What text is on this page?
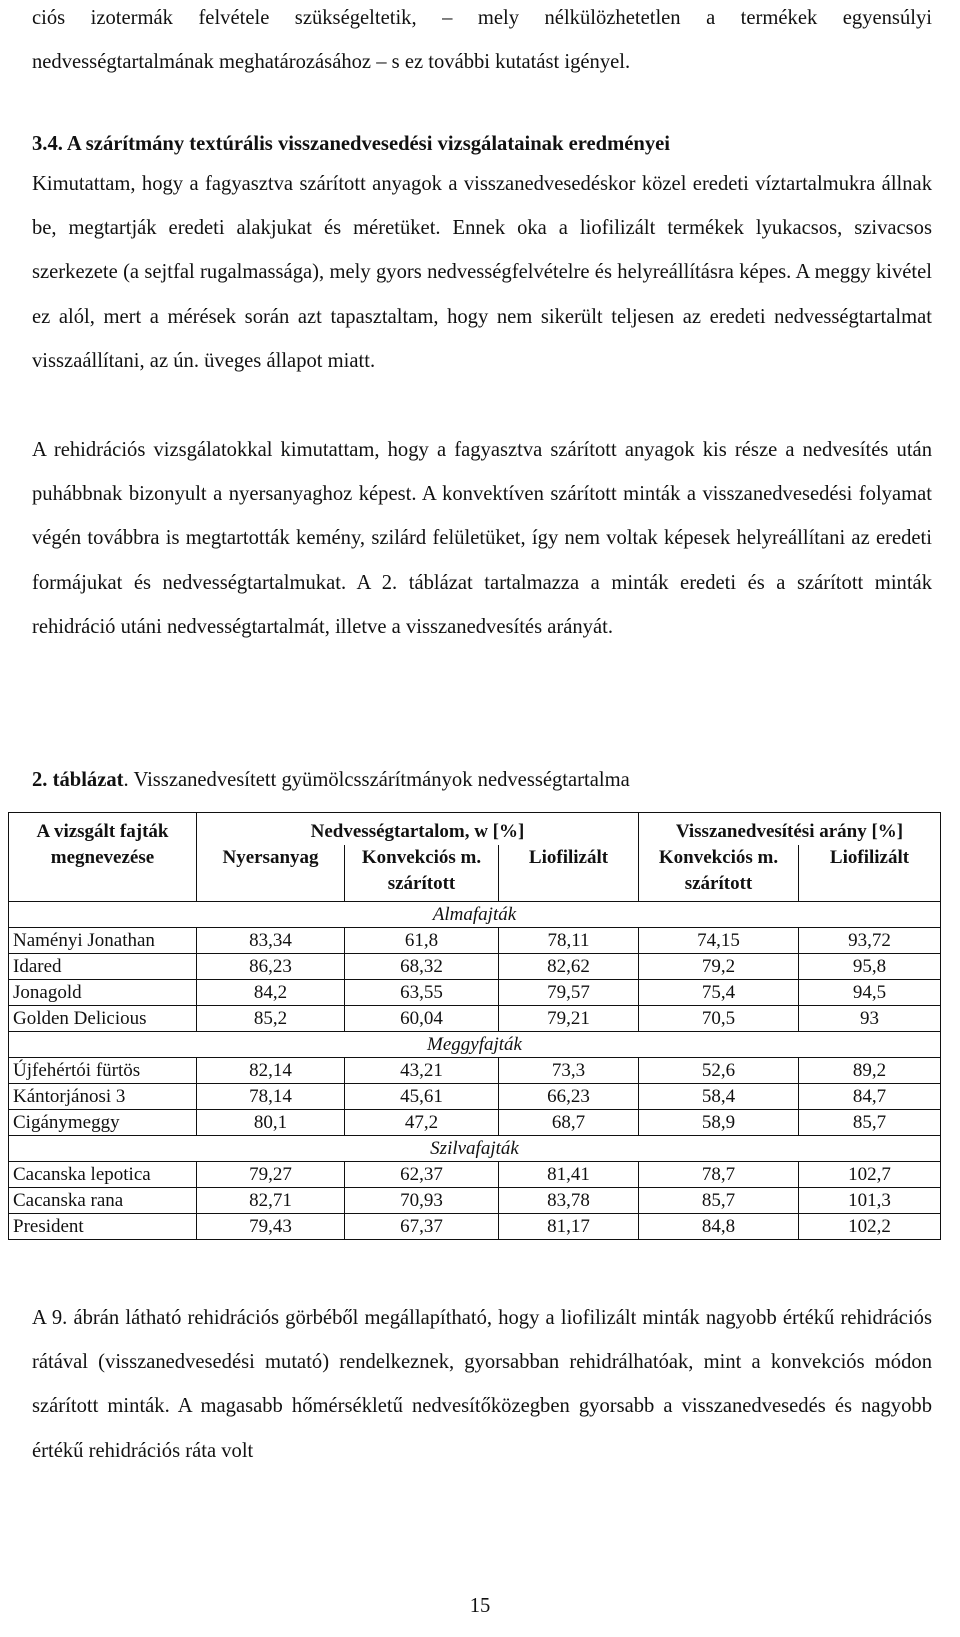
ciós izotermák felvétele szükségeltetik, – mely nélkülözhetetlen a termékek egyensúlyi nedvességtartalmának meghatározásához – s ez további kutatást igényel.

3.4. A szárítmány textúrális visszanedvesedési vizsgálatainak eredményei

Kimutattam, hogy a fagyasztva szárított anyagok a visszanedvesedéskor közel eredeti víztartalmukra állnak be, megtartják eredeti alakjukat és méretüket. Ennek oka a liofilizált termékek lyukacsos, szivacsos szerkezete (a sejtfal rugalmassága), mely gyors nedvességfelvételre és helyreállításra képes. A meggy kivétel ez alól, mert a mérések során azt tapasztaltam, hogy nem sikerült teljesen az eredeti nedvességtartalmat visszaállítani, az ún. üveges állapot miatt.

A rehidrációs vizsgálatokkal kimutattam, hogy a fagyasztva szárított anyagok kis része a nedvesítés után puhábbnak bizonyult a nyersanyaghoz képest. A konvektíven szárított minták a visszanedvesedési folyamat végén továbbra is megtartották kemény, szilárd felületüket, így nem voltak képesek helyreállítani az eredeti formájukat és nedvességtartalmukat. A 2. táblázat tartalmazza a minták eredeti és a szárított minták rehidráció utáni nedvességtartalmát, illetve a visszanedvesítés arányát.

2. táblázat. Visszanedvesített gyümölcsszárítmányok nedvességtartalma
A vizsgált fajták megnevezése	Nedvességtartalom, w [%]			Visszanedvesítési arány [%]	
	Nyersanyag	Konvekciós m. szárított	Liofilizált	Konvekciós m. szárított	Liofilizált
Almafajták					
Naményi Jonathan	83,34	61,8	78,11	74,15	93,72
Idared	86,23	68,32	82,62	79,2	95,8
Jonagold	84,2	63,55	79,57	75,4	94,5
Golden Delicious	85,2	60,04	79,21	70,5	93
Meggyfajták					
Újfehértói fürtös	82,14	43,21	73,3	52,6	89,2
Kántorjánosi 3	78,14	45,61	66,23	58,4	84,7
Cigánymeggy	80,1	47,2	68,7	58,9	85,7
Szilvafajták					
Cacanska lepotica	79,27	62,37	81,41	78,7	102,7
Cacanska rana	82,71	70,93	83,78	85,7	101,3
President	79,43	67,37	81,17	84,8	102,2

A 9. ábrán látható rehidrációs görbéből megállapítható, hogy a liofilizált minták nagyobb értékű rehidrációs rátával (visszanedvesedési mutató) rendelkeznek, gyorsabban rehidrálhatóak, mint a konvekciós módon szárított minták. A magasabb hőmérsékletű nedvesítőközegben gyorsabb a visszanedvesedés és nagyobb értékű rehidrációs ráta volt

15
